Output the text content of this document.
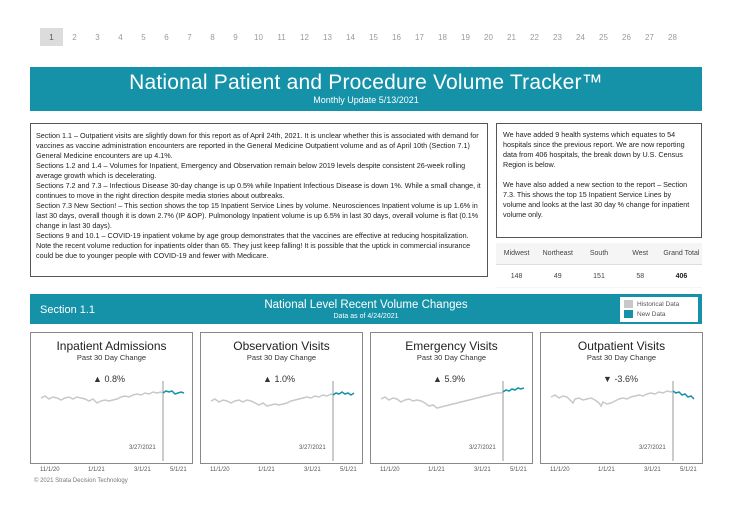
1	2	3	4	5	6	7	8	9	10	11	12	13	14	15	16	17	18	19	20	21	22	23	24	25	26	27	28
National Patient and Procedure Volume Tracker™
Monthly Update 5/13/2021

Section 1.1 – Outpatient visits are slightly down for this report as of April 24th, 2021. It is unclear whether this is associated with demand for vaccines as vaccine administration encounters are reported in the General Medicine Outpatient volume and as of April 10th (Section 7.1) General Medicine encounters are up 4.1%.

Sections 1.2 and 1.4 – Volumes for Inpatient, Emergency and Observation remain below 2019 levels despite consistent 26-week rolling average growth which is decelerating.

Sections 7.2 and 7.3 – Infectious Disease 30-day change is up 0.5% while Inpatient Infectious Disease is down 1%. While a small change, it continues to move in the right direction despite media stories about outbreaks.

Section 7.3 New Section! – This section shows the top 15 Inpatient Service Lines by volume. Neurosciences Inpatient volume is up 1.6% in last 30 days, overall though it is down 2.7% (IP &OP). Pulmonology Inpatient volume is up 6.5% in last 30 days, overall volume is flat (0.1% change in last 30 days).

Sections 9 and 10.1 – COVID-19 inpatient volume by age group demonstrates that the vaccines are effective at reducing hospitalization. Note the recent volume reduction for inpatients older than 65. They just keep falling! It is possible that the uptick in commercial insurance could be due to younger people with COVID-19 and fewer with Medicare.

We have added 9 health systems which equates to 54 hospitals since the previous report. We are now reporting data from 406 hospitals, the break down by U.S. Census Region is below.

We have also added a new section to the report – Section 7.3. This shows the top 15 Inpatient Service Lines by volume and looks at the last 30 day % change for inpatient volume only.

Midwest	Northeast	South	West	Grand Total
148	49	151	58	406
Section 1.1	National Level Recent Volume Changes
Data as of 4/24/2021
Historical Data
New Data
Inpatient Admissions
Past 30 Day Change
▲ 0.8%
3/27/2021
11/1/20	1/1/21	3/1/21	5/1/21
Observation Visits
Past 30 Day Change
▲ 1.0%
3/27/2021
11/1/20	1/1/21	3/1/21	5/1/21
Emergency Visits
Past 30 Day Change
▲ 5.9%
3/27/2021
11/1/20	1/1/21	3/1/21	5/1/21
Outpatient Visits
Past 30 Day Change
▼ -3.6%
3/27/2021
11/1/20	1/1/21	3/1/21	5/1/21
© 2021 Strata Decision Technology
